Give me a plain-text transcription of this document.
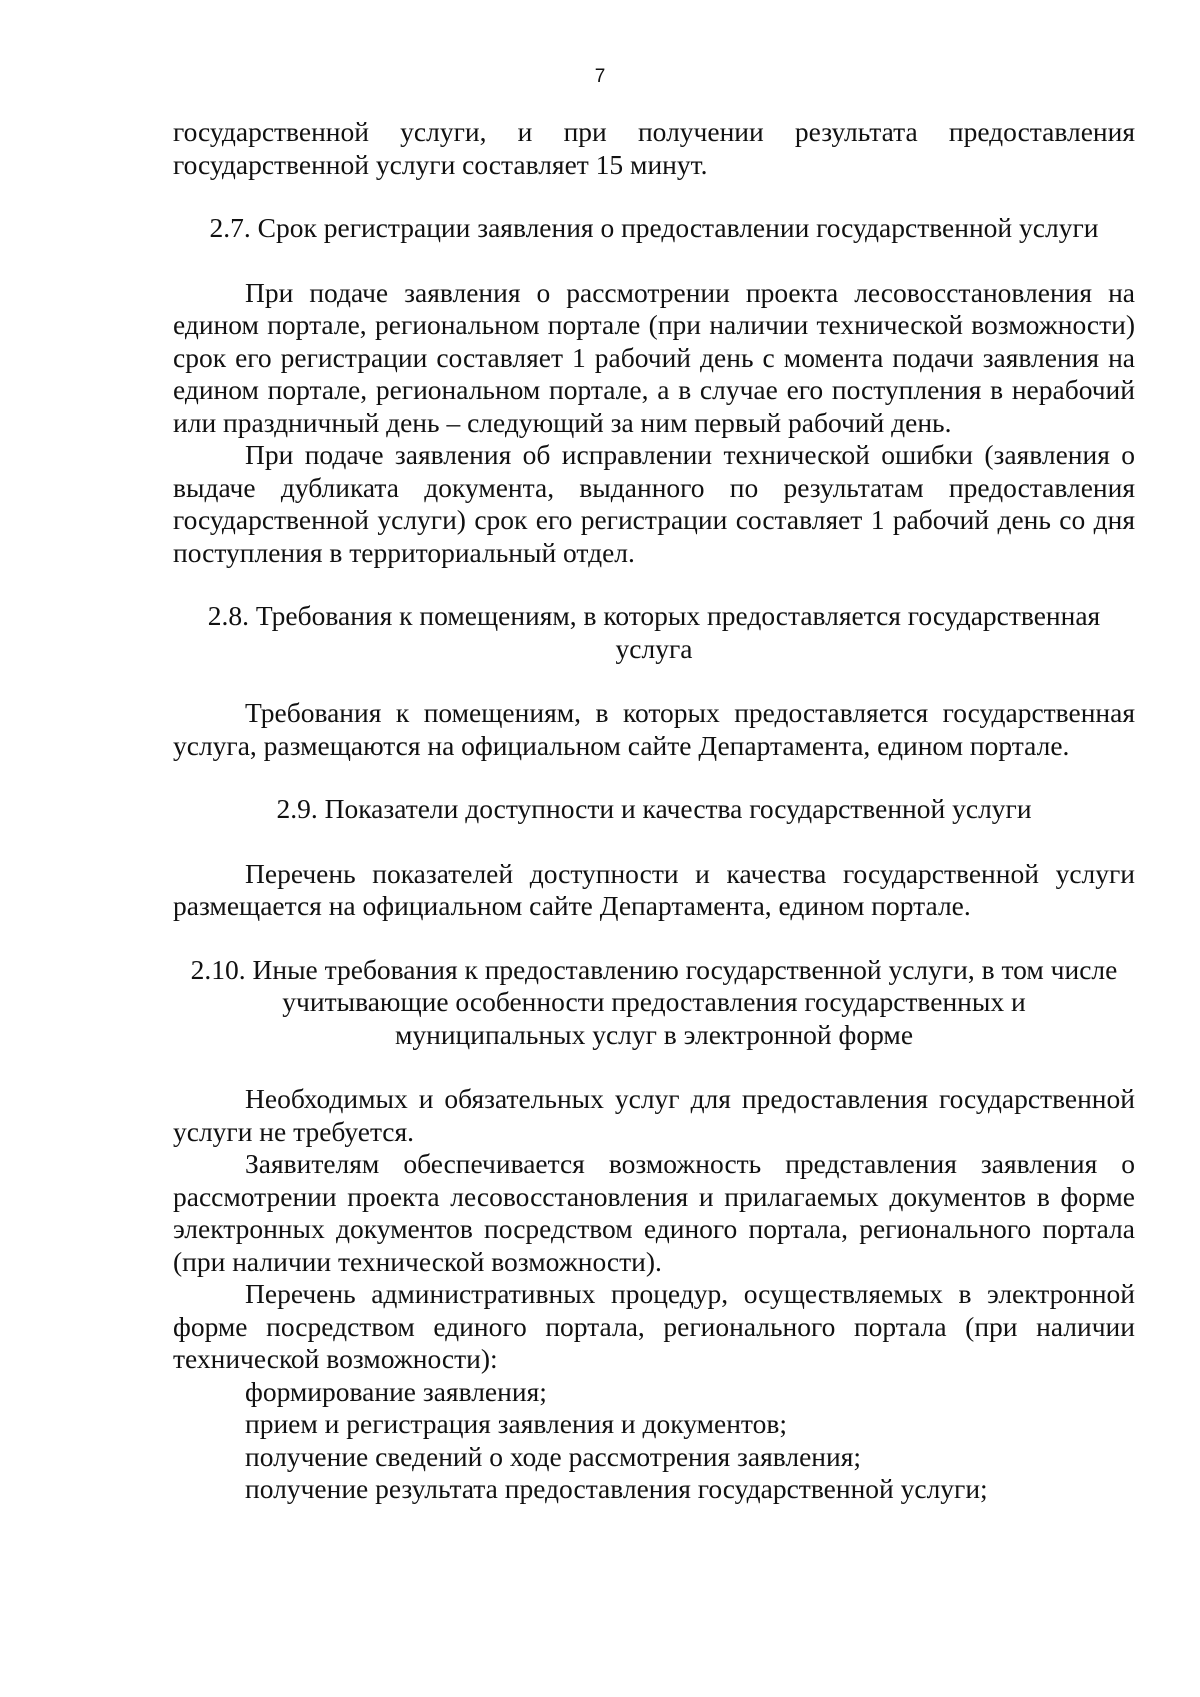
7

государственной услуги, и при получении результата предоставления государственной услуги составляет 15 минут.

2.7. Срок регистрации заявления о предоставлении государственной услуги

При подаче заявления о рассмотрении проекта лесовосстановления на едином портале, региональном портале (при наличии технической возможности) срок его регистрации составляет 1 рабочий день с момента подачи заявления на едином портале, региональном портале, а в случае его поступления в нерабочий или праздничный день – следующий за ним первый рабочий день.

При подаче заявления об исправлении технической ошибки (заявления о выдаче дубликата документа, выданного по результатам предоставления государственной услуги) срок его регистрации составляет 1 рабочий день со дня поступления в территориальный отдел.

2.8. Требования к помещениям, в которых предоставляется государственная услуга

Требования к помещениям, в которых предоставляется государственная услуга, размещаются на официальном сайте Департамента, едином портале.

2.9. Показатели доступности и качества государственной услуги

Перечень показателей доступности и качества государственной услуги размещается на официальном сайте Департамента, едином портале.

2.10. Иные требования к предоставлению государственной услуги, в том числе
учитывающие особенности предоставления государственных и
муниципальных услуг в электронной форме

Необходимых и обязательных услуг для предоставления государственной услуги не требуется.

Заявителям обеспечивается возможность представления заявления о рассмотрении проекта лесовосстановления и прилагаемых документов в форме электронных документов посредством единого портала, регионального портала (при наличии технической возможности).

Перечень административных процедур, осуществляемых в электронной форме посредством единого портала, регионального портала (при наличии технической возможности):

формирование заявления;

прием и регистрация заявления и документов;

получение сведений о ходе рассмотрения заявления;

получение результата предоставления государственной услуги;
